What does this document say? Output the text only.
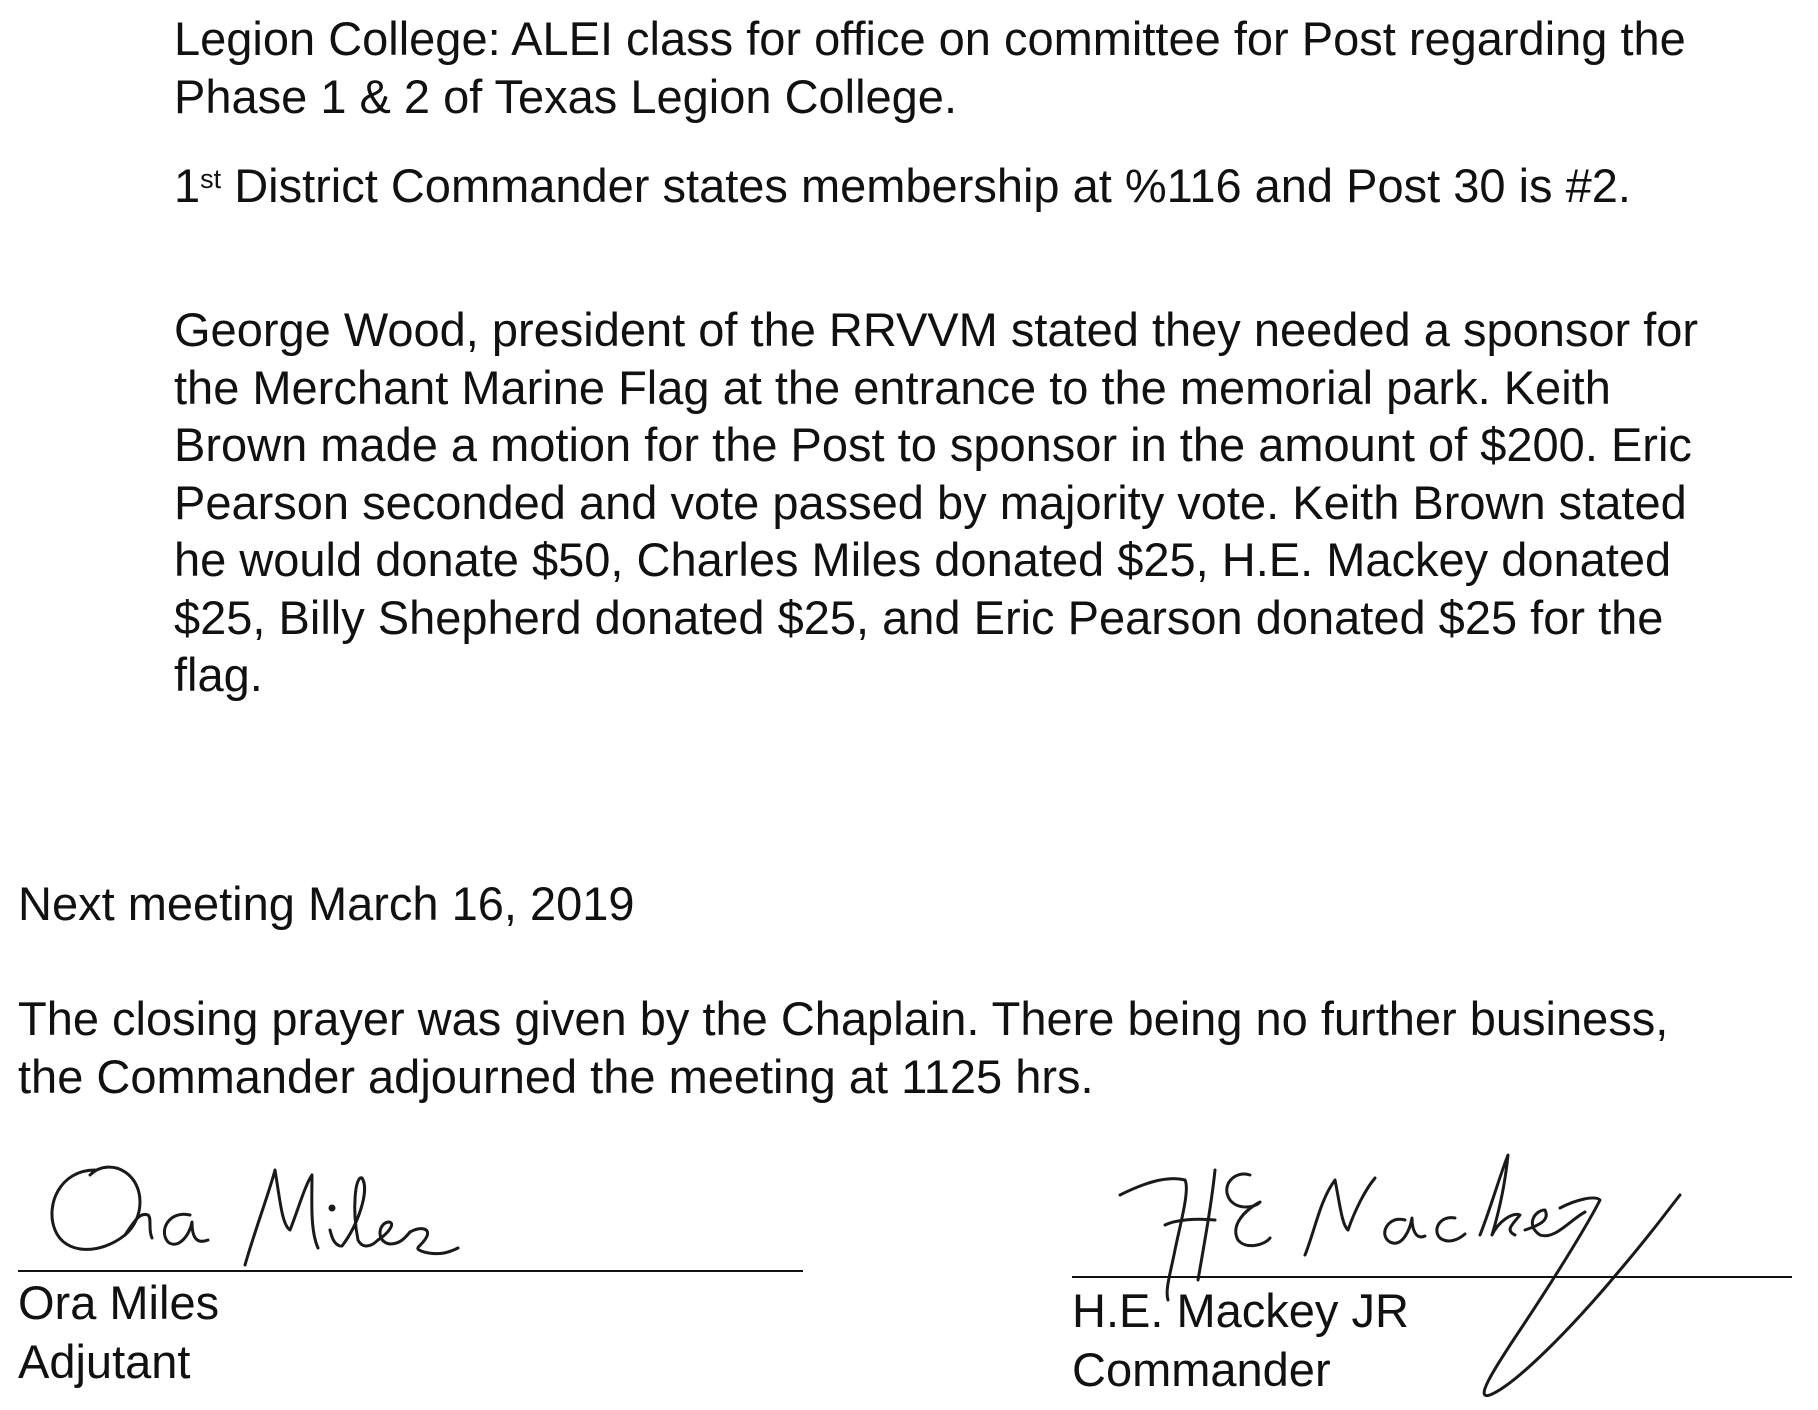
Legion College: ALEI class for office on committee for Post regarding the
Phase 1 & 2 of Texas Legion College.

1st District Commander states membership at %116 and Post 30 is #2.

George Wood, president of the RRVVM stated they needed a sponsor for
the Merchant Marine Flag at the entrance to the memorial park. Keith
Brown made a motion for the Post to sponsor in the amount of $200. Eric
Pearson seconded and vote passed by majority vote. Keith Brown stated
he would donate $50, Charles Miles donated $25, H.E. Mackey donated
$25, Billy Shepherd donated $25, and Eric Pearson donated $25 for the
flag.

Next meeting March 16, 2019

The closing prayer was given by the Chaplain. There being no further business,
the Commander adjourned the meeting at 1125 hrs.

Ora Miles
Adjutant
H.E. Mackey JR
Commander
